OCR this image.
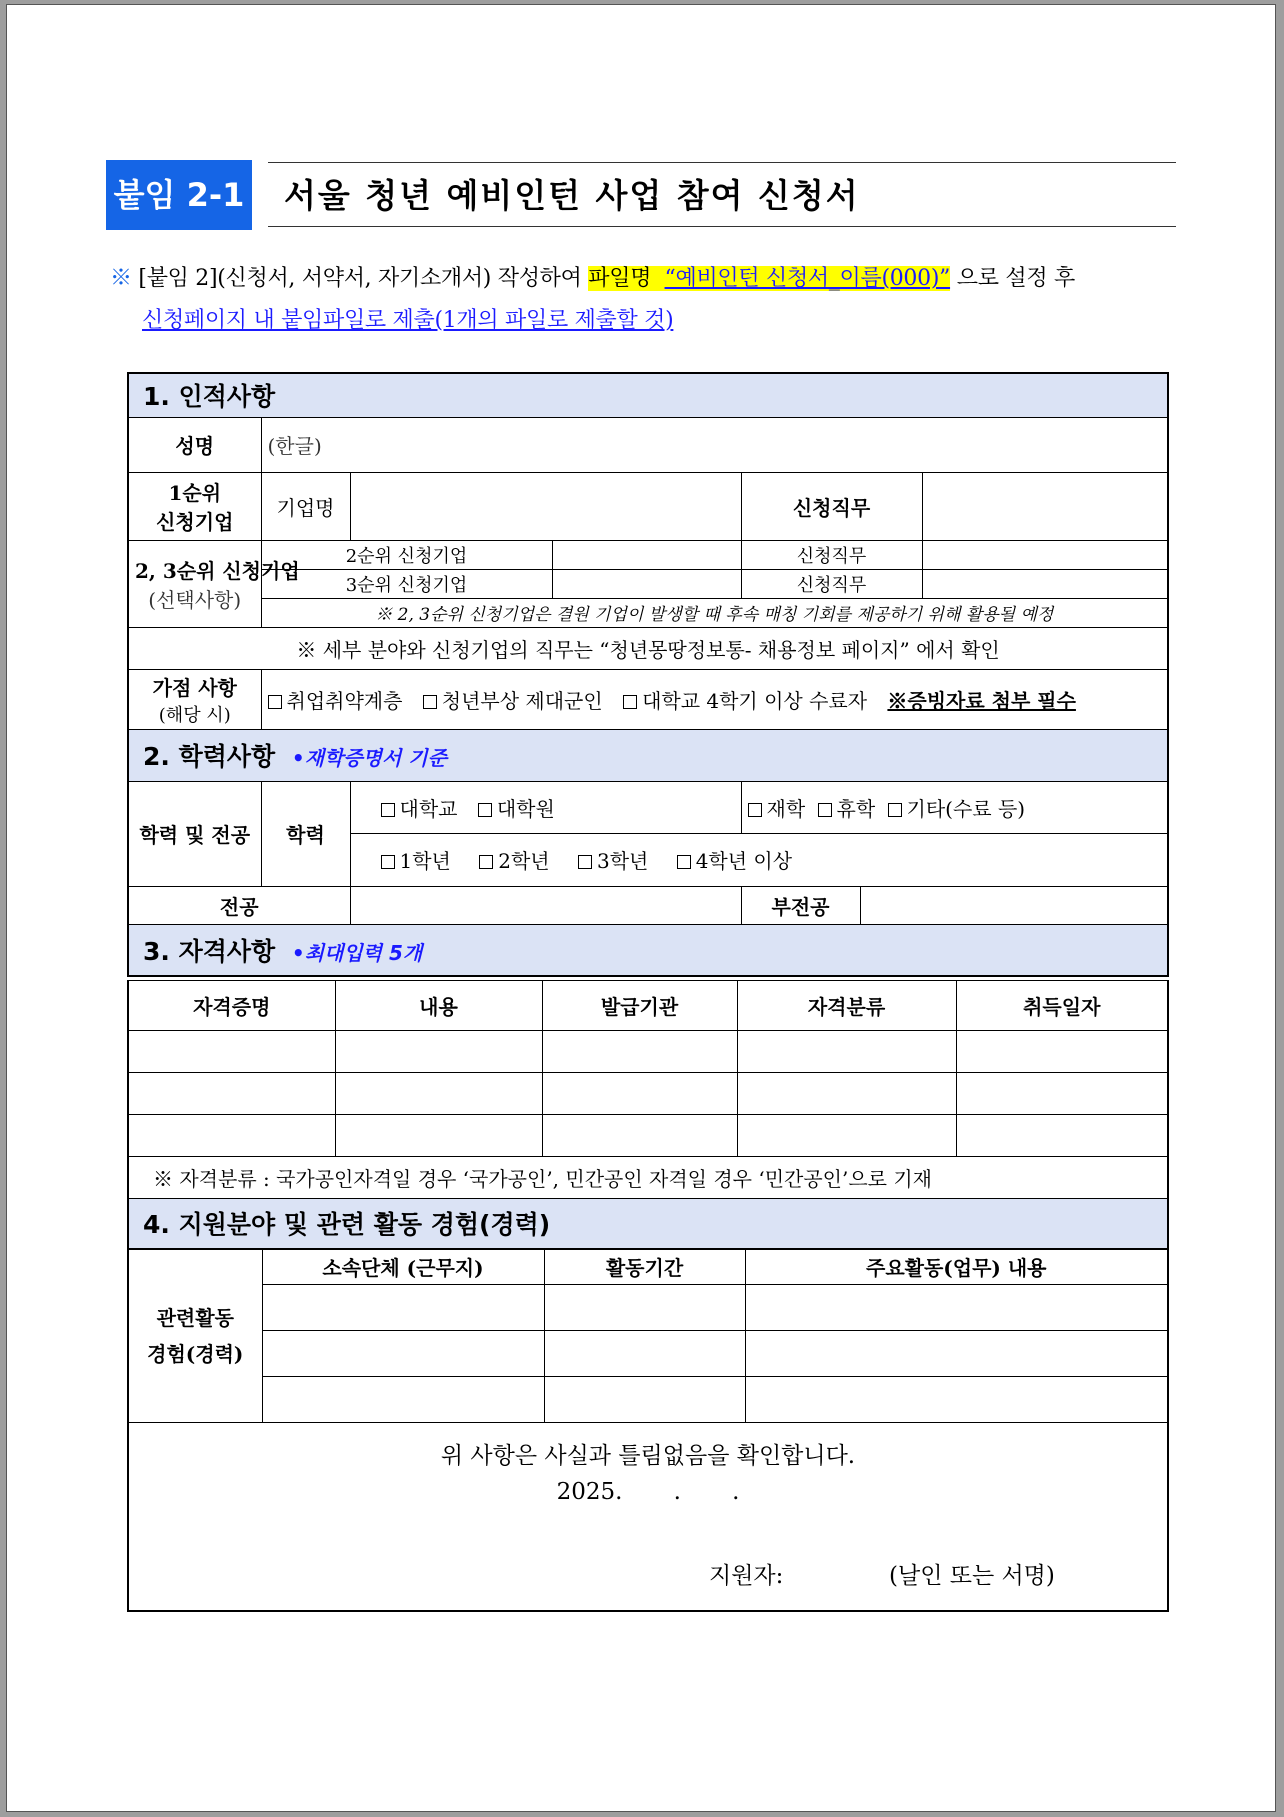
붙임 2-1 서울 청년 예비인턴 사업 참여 신청서
※ [붙임 2](신청서, 서약서, 자기소개서) 작성하여 파일명 “예비인턴 신청서_이름(000)” 으로 설정 후
신청페이지 내 붙임파일로 제출(1개의 파일로 제출할 것)
1. 인적사항						
성명	(한글)					

1순위
신청기업	기업명			신청직무		

2, 3순위 신청기업
(선택사항)	2순위 신청기업			신청직무		
	3순위 신청기업			신청직무		
	※ 2, 3순위 신청기업은 결원 기업이 발생할 때 후속 매칭 기회를 제공하기 위해 활용될 예정					
※ 세부 분야와 신청기업의 직무는 “청년몽땅정보통- 채용정보 페이지” 에서 확인						

가점 사항
(해당 시)	취업취약계층 청년부상 제대군인 대학교 4학기 이상 수료자 ※증빙자료 첨부 필수					
2. 학력사항 •재학증명서 기준						
학력 및 전공	학력	대학교 대학원		재학 휴학 기타(수료 등)		
		1학년 2학년 3학년 4학년 이상				
전공				부전공		
3. 자격사항 •최대입력 5개						
자격증명	내용	발급기관	자격분류	취득일자

※ 자격분류 : 국가공인자격일 경우 ‘국가공인’, 민간공인 자격일 경우 ‘민간공인’으로 기재				
4. 지원분야 및 관련 활동 경험(경력)				
관련활동
경험(경력)	소속단체 (근무지)	활동기간	주요활동(업무) 내용

위 사항은 사실과 틀림없음을 확인합니다.
2025.       .       .
지원자: (날인 또는 서명)			
